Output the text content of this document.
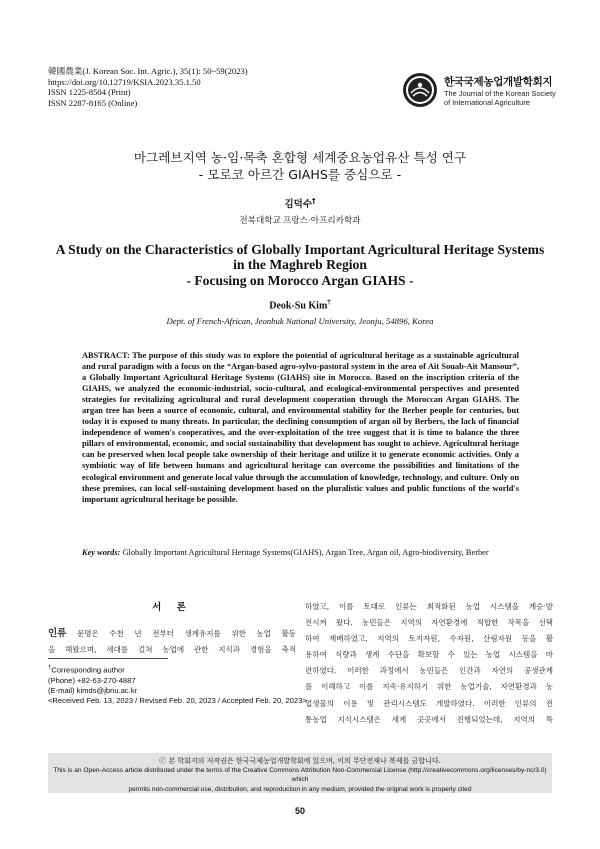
韓國農業(J. Korean Soc. Int. Agric.), 35(1): 50~59(2023)
https://doi.org/10.12719/KSIA.2023.35.1.50
ISSN 1225-8504 (Print)
ISSN 2287-8165 (Online)
한국국제농업개발학회지
The Journal of the Korean Society
of International Agriculture
마그레브지역 농·임·목축 혼합형 세계중요농업유산 특성 연구
- 모로코 아르간 GIAHS를 중심으로 -
김덕수†
전북대학교 프랑스·아프리카학과
A Study on the Characteristics of Globally Important Agricultural Heritage Systems
in the Maghreb Region
- Focusing on Morocco Argan GIAHS -
Deok-Su Kim†
Dept. of French-African, Jeonbuk National University, Jeonju, 54896, Korea
ABSTRACT: The purpose of this study was to explore the potential of agricultural heritage as a sustainable agricultural and rural paradigm with a focus on the “Argan-based agro-sylvo-pastoral system in the area of Ait Souab-Ait Mansour”, a Globally Important Agricultural Heritage Systems (GIAHS) site in Morocco. Based on the inscription criteria of the GIAHS, we analyzed the economic-industrial, socio-cultural, and ecological-environmental perspectives and presented strategies for revitalizing agricultural and rural development cooperation through the Moroccan Argan GIAHS. The argan tree has been a source of economic, cultural, and environmental stability for the Berber people for centuries, but today it is exposed to many threats. In particular, the declining consumption of argan oil by Berbers, the lack of financial independence of women's cooperatives, and the over-exploitation of the tree suggest that it is time to balance the three pillars of environmental, economic, and social sustainability that development has sought to achieve. Agricultural heritage can be preserved when local people take ownership of their heritage and utilize it to generate economic activities. Only a symbiotic way of life between humans and agricultural heritage can overcome the possibilities and limitations of the ecological environment and generate local value through the accumulation of knowledge, technology, and culture. Only on these premises, can local self-sustaining development based on the pluralistic values and public functions of the world's important agricultural heritage be possible.
Key words: Globally Important Agricultural Heritage Systems(GIAHS), Argan Tree, Argan oil, Agro-biodiversity, Berber
서 론
인류 문명은 수천 년 전부터 생계유지를 위한 농업 활동
을 해왔으며, 세대를 걸쳐 농업에 관한 지식과 경험을 축적
†Corresponding author
(Phone) +82-63-270-4887
(E-mail) kimds@jbnu.ac.kr
<Received Feb. 13, 2023 / Revised Feb. 20, 2023 / Accepted Feb. 20, 2023>
하였고, 이를 토대로 인류는 최적화된 농업 시스템을 계승·발
전시켜 왔다. 농민들은 지역의 자연환경에 적합한 작목을 선택
하여 재배하였고, 지역의 토지자원, 수자원, 산림자원 등을 활
용하여 식량과 생계 수단을 확보할 수 있는 농업 시스템을 마
련하였다. 이러한 과정에서 농민들은 인간과 자연의 공생관계
를 이해하고 이를 지속·유지하기 위한 농업기술, 자연환경과 농
업생물의 이용 및 관리시스템도 개발하였다. 이러한 인류의 전
통농업 지식시스템은 세계 곳곳에서 진행되었는데, 지역의 특
ⓒ 본 학회지의 저작권은 한국국제농업개발학회에 있으며, 이의 무단전재나 복제를 금합니다.
This is an Open-Access article distributed under the terms of the Creative Commons Attribution Non-Commercial License (http://creativecommons.org/licenses/by-nc/3.0) which
permits non-commercial use, distribution, and reproduction in any medium, provided the original work is properly cited
50
